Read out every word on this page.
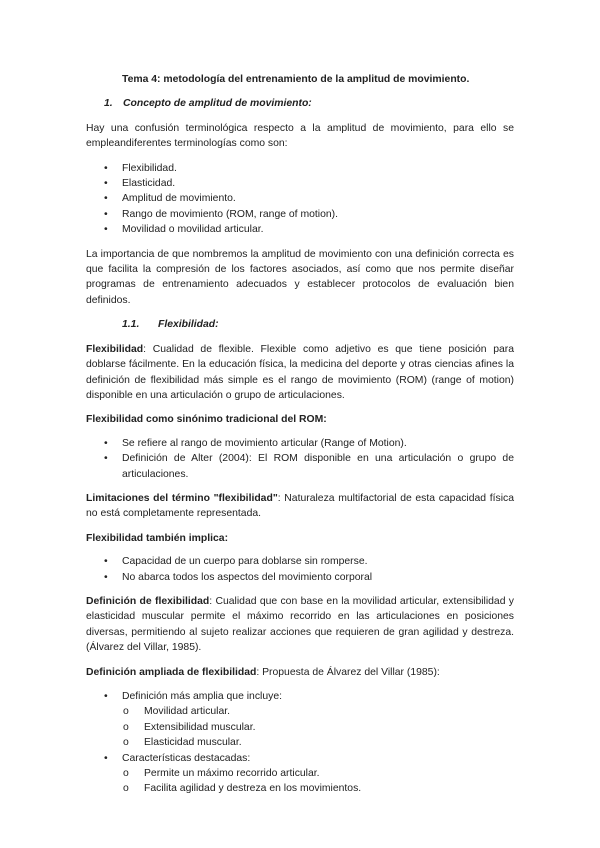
Tema 4: metodología del entrenamiento de la amplitud de movimiento.

1. Concepto de amplitud de movimiento:

Hay una confusión terminológica respecto a la amplitud de movimiento, para ello se empleandiferentes terminologías como son:

• Flexibilidad.
• Elasticidad.
• Amplitud de movimiento.
• Rango de movimiento (ROM, range of motion).
• Movilidad o movilidad articular.

La importancia de que nombremos la amplitud de movimiento con una definición correcta es que facilita la compresión de los factores asociados, así como que nos permite diseñar programas de entrenamiento adecuados y establecer protocolos de evaluación bien definidos.

1.1. Flexibilidad:

Flexibilidad: Cualidad de flexible. Flexible como adjetivo es que tiene posición para doblarse fácilmente. En la educación física, la medicina del deporte y otras ciencias afines la definición de flexibilidad más simple es el rango de movimiento (ROM) (range of motion) disponible en una articulación o grupo de articulaciones.

Flexibilidad como sinónimo tradicional del ROM:

• Se refiere al rango de movimiento articular (Range of Motion).
• Definición de Alter (2004): El ROM disponible en una articulación o grupo de articulaciones.

Limitaciones del término "flexibilidad": Naturaleza multifactorial de esta capacidad física no está completamente representada.

Flexibilidad también implica:

• Capacidad de un cuerpo para doblarse sin romperse.
• No abarca todos los aspectos del movimiento corporal

Definición de flexibilidad: Cualidad que con base en la movilidad articular, extensibilidad y elasticidad muscular permite el máximo recorrido en las articulaciones en posiciones diversas, permitiendo al sujeto realizar acciones que requieren de gran agilidad y destreza. (Álvarez del Villar, 1985).

Definición ampliada de flexibilidad: Propuesta de Álvarez del Villar (1985):

• Definición más amplia que incluye:
o Movilidad articular.
o Extensibilidad muscular.
o Elasticidad muscular.
• Características destacadas:
o Permite un máximo recorrido articular.
o Facilita agilidad y destreza en los movimientos.
